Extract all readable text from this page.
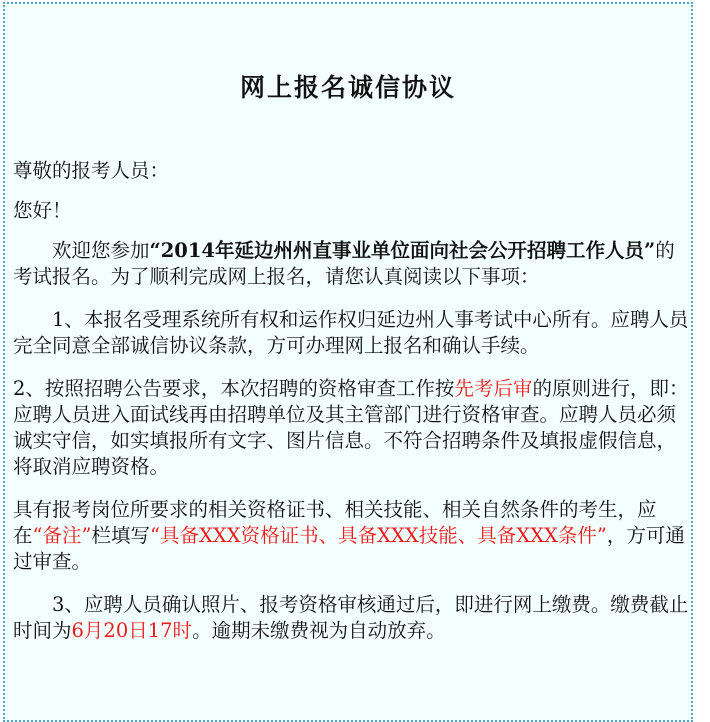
网上报名诚信协议

尊敬的报考人员：

您好！

欢迎您参加“2014年延边州州直事业单位面向社会公开招聘工作人员”的考试报名。为了顺利完成网上报名，请您认真阅读以下事项：

1、本报名受理系统所有权和运作权归延边州人事考试中心所有。应聘人员完全同意全部诚信协议条款，方可办理网上报名和确认手续。

2、按照招聘公告要求，本次招聘的资格审查工作按先考后审的原则进行，即：应聘人员进入面试线再由招聘单位及其主管部门进行资格审查。应聘人员必须诚实守信，如实填报所有文字、图片信息。不符合招聘条件及填报虚假信息，将取消应聘资格。

具有报考岗位所要求的相关资格证书、相关技能、相关自然条件的考生，应在“备注”栏填写“具备XXX资格证书、具备XXX技能、具备XXX条件”，方可通过审查。

3、应聘人员确认照片、报考资格审核通过后，即进行网上缴费。缴费截止时间为6月20日17时。逾期未缴费视为自动放弃。
